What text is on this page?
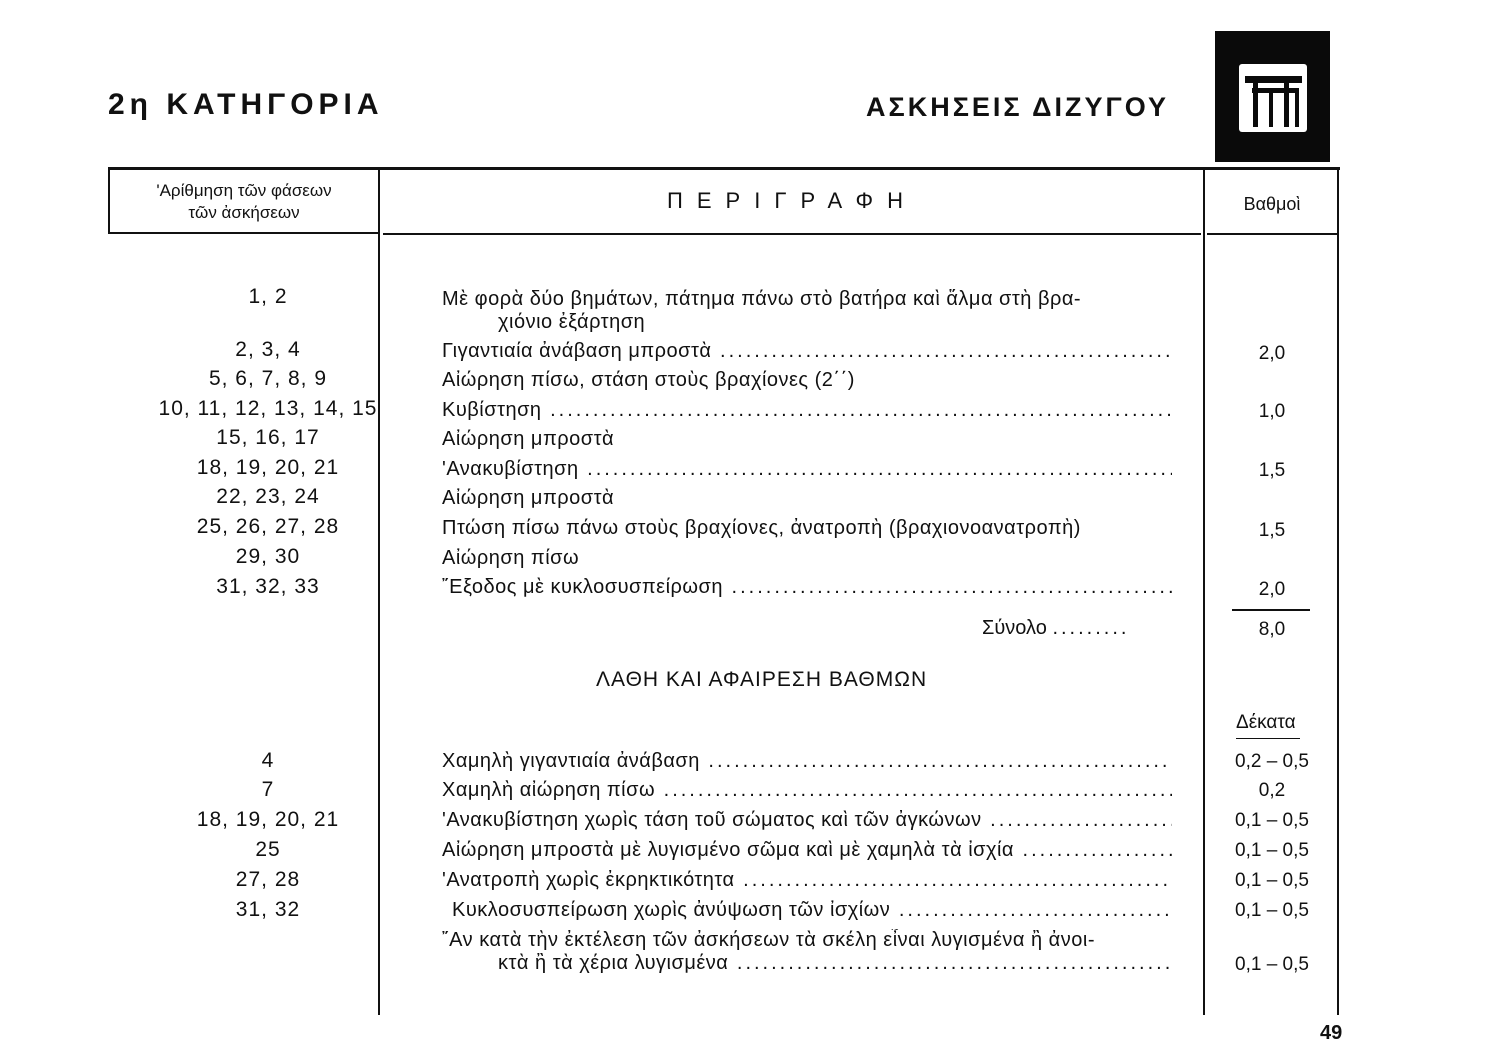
2η ΚΑΤΗΓΟΡΙΑ	ΑΣΚΗΣΕΙΣ ΔΙΖΥΓΟΥ
'Αρίθμηση τῶν φάσεων
τῶν ἀσκήσεων	ΠΕΡΙΓΡΑΦΗ	Βαθμοὶ
1, 2	Μὲ φορὰ δύο βημάτων, πάτημα πάνω στὸ βατήρα καὶ ἅλμα στὴ βρα-
χιόνιο ἐξάρτηση
2, 3, 4	Γιγαντιαία ἀνάβαση μπροστὰ .....	2,0
5, 6, 7, 8, 9	Αἰώρηση πίσω, στάση στοὺς βραχίονες (2΄΄)
10, 11, 12, 13, 14, 15	Κυβίστηση .....	1,0
15, 16, 17	Αἰώρηση μπροστὰ
18, 19, 20, 21	'Ανακυβίστηση .....	1,5
22, 23, 24	Αἰώρηση μπροστὰ
25, 26, 27, 28	Πτώση πίσω πάνω στοὺς βραχίονες, ἀνατροπὴ (βραχιονοανατροπὴ)	1,5
29, 30	Αἰώρηση πίσω
31, 32, 33	῎Εξοδος μὲ κυκλοσυσπείρωση .....	2,0
Σύνολο .........	8,0
ΛΑΘΗ ΚΑΙ ΑΦΑΙΡΕΣΗ ΒΑΘΜΩΝ
Δέκατα
4	Χαμηλὴ γιγαντιαία ἀνάβαση .....	0,2 – 0,5
7	Χαμηλὴ αἰώρηση πίσω .....	0,2
18, 19, 20, 21	'Ανακυβίστηση χωρὶς τάση τοῦ σώματος καὶ τῶν ἀγκώνων .....	0,1 – 0,5
25	Αἰώρηση μπροστὰ μὲ λυγισμένο σῶμα καὶ μὲ χαμηλὰ τὰ ἰσχία .....	0,1 – 0,5
27, 28	'Ανατροπὴ χωρὶς ἐκρηκτικότητα .....	0,1 – 0,5
31, 32	Κυκλοσυσπείρωση χωρὶς ἀνύψωση τῶν ἰσχίων .....	0,1 – 0,5
῎Αν κατὰ τὴν ἐκτέλεση τῶν ἀσκήσεων τὰ σκέλη εἶναι λυγισμένα ἢ ἀνοι-
κτὰ ἢ τὰ χέρια λυγισμένα .....	0,1 – 0,5
49
